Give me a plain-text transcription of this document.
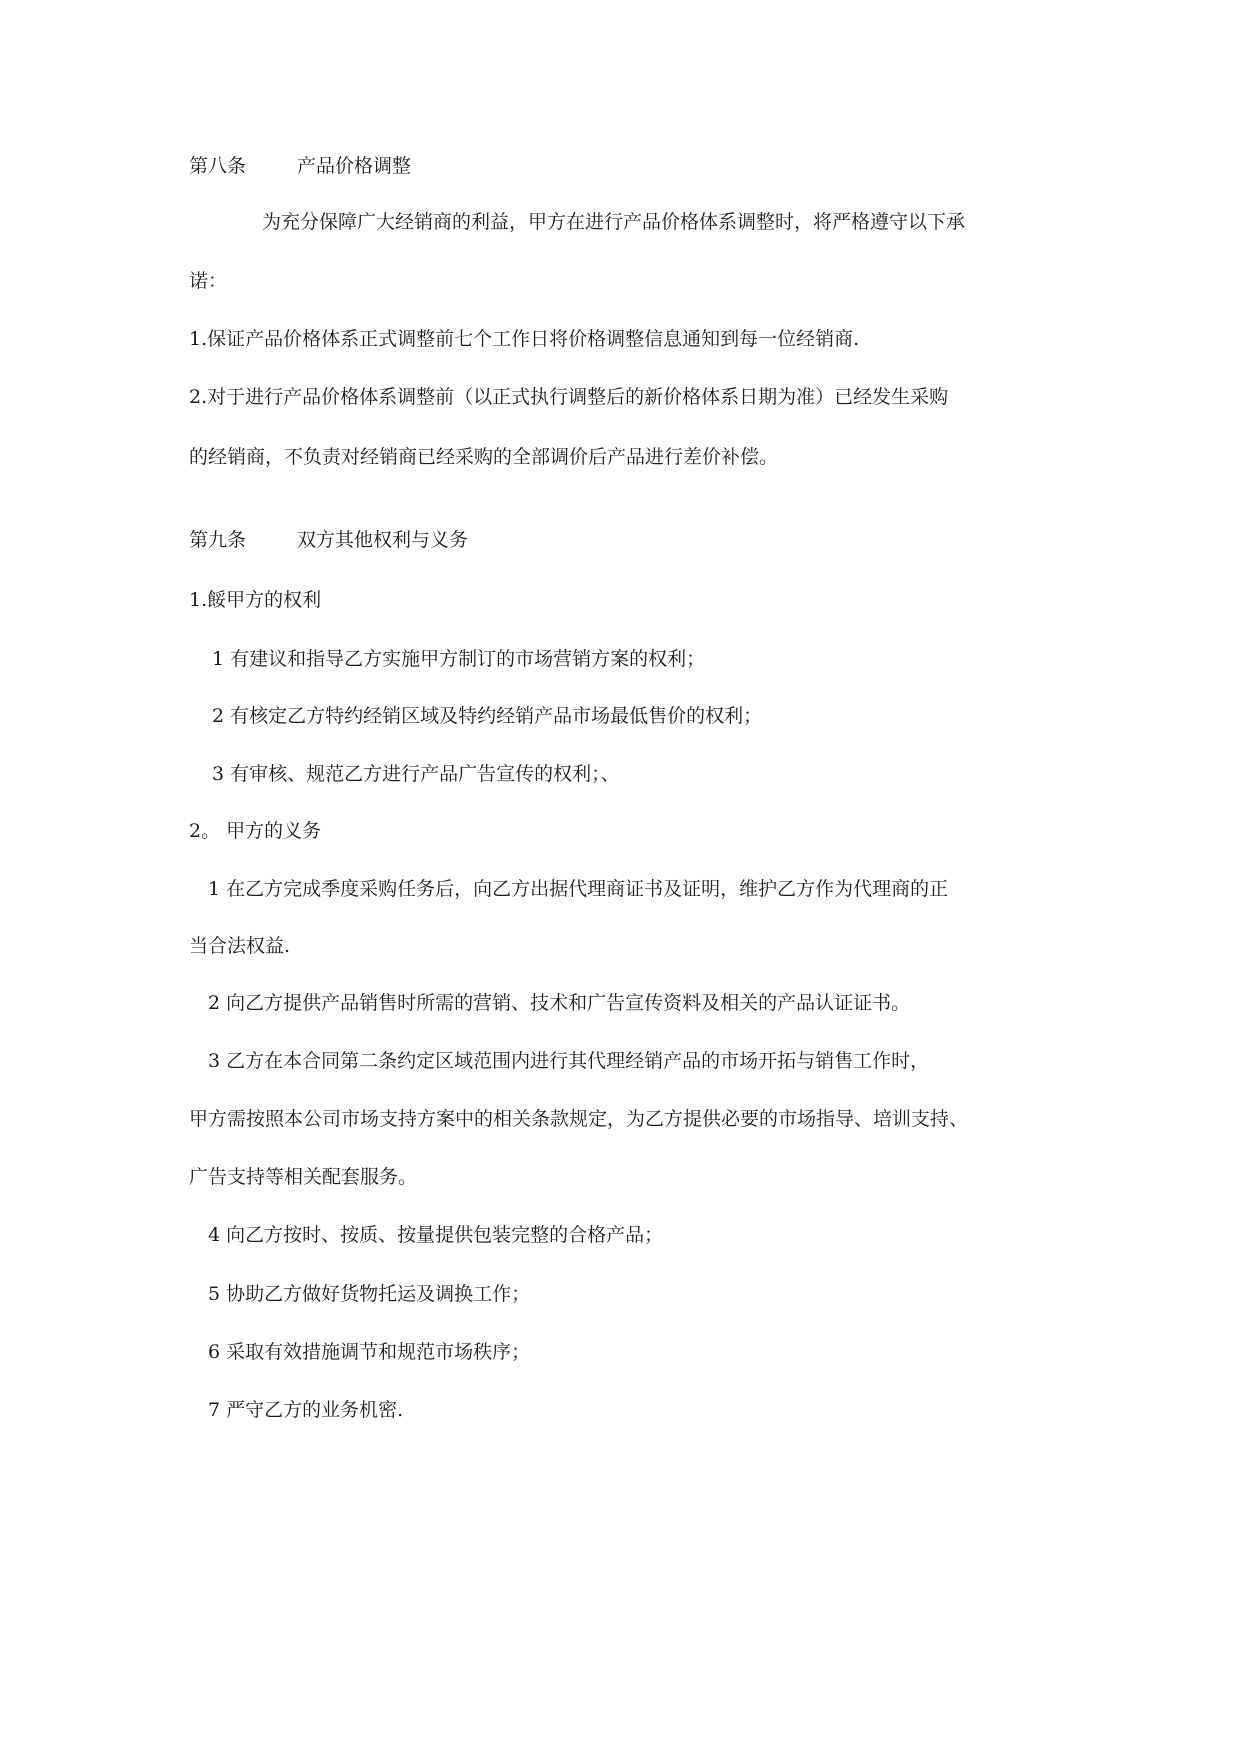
第八条	产品价格调整
为充分保障广大经销商的利益，甲方在进行产品价格体系调整时，将严格遵守以下承
诺：
1.保证产品价格体系正式调整前七个工作日将价格调整信息通知到每一位经销商.
2.对于进行产品价格体系调整前（以正式执行调整后的新价格体系日期为准）已经发生采购
的经销商，不负责对经销商已经采购的全部调价后产品进行差价补偿。
第九条	双方其他权利与义务
1.餒甲方的权利
1 有建议和指导乙方实施甲方制订的市场营销方案的权利；
2 有核定乙方特约经销区域及特约经销产品市场最低售价的权利；
3 有审核、规范乙方进行产品广告宣传的权利；、
2。 甲方的义务
1 在乙方完成季度采购任务后，向乙方出据代理商证书及证明，维护乙方作为代理商的正
当合法权益.
2 向乙方提供产品销售时所需的营销、技术和广告宣传资料及相关的产品认证证书。
3 乙方在本合同第二条约定区域范围内进行其代理经销产品的市场开拓与销售工作时，
甲方需按照本公司市场支持方案中的相关条款规定，为乙方提供必要的市场指导、培训支持、
广告支持等相关配套服务。
4 向乙方按时、按质、按量提供包装完整的合格产品；
5 协助乙方做好货物托运及调换工作；
6 采取有效措施调节和规范市场秩序；
7 严守乙方的业务机密.
